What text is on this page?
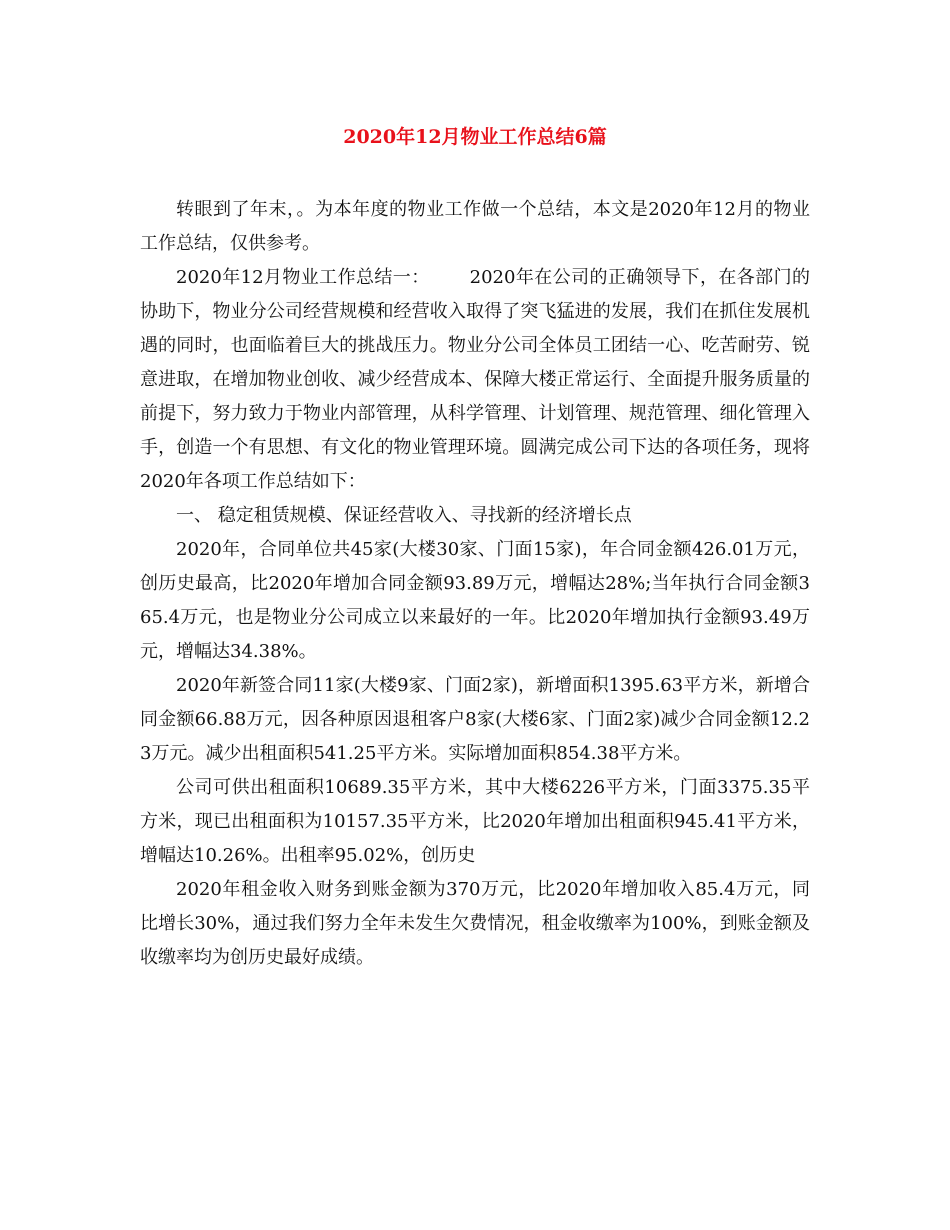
2020年12月物业工作总结6篇

转眼到了年末，。为本年度的物业工作做一个总结，本文是2020年12月的物业工作总结，仅供参考。

2020年12月物业工作总结一： 2020年在公司的正确领导下，在各部门的协助下，物业分公司经营规模和经营收入取得了突飞猛进的发展，我们在抓住发展机遇的同时，也面临着巨大的挑战压力。物业分公司全体员工团结一心、吃苦耐劳、锐意进取，在增加物业创收、减少经营成本、保障大楼正常运行、全面提升服务质量的前提下，努力致力于物业内部管理，从科学管理、计划管理、规范管理、细化管理入手，创造一个有思想、有文化的物业管理环境。圆满完成公司下达的各项任务，现将2020年各项工作总结如下：

一、 稳定租赁规模、保证经营收入、寻找新的经济增长点

2020年，合同单位共45家(大楼30家、门面15家)，年合同金额426.01万元，创历史最高，比2020年增加合同金额93.89万元，增幅达28%;当年执行合同金额365.4万元，也是物业分公司成立以来最好的一年。比2020年增加执行金额93.49万元，增幅达34.38%。

2020年新签合同11家(大楼9家、门面2家)，新增面积1395.63平方米，新增合同金额66.88万元，因各种原因退租客户8家(大楼6家、门面2家)减少合同金额12.23万元。减少出租面积541.25平方米。实际增加面积854.38平方米。

公司可供出租面积10689.35平方米，其中大楼6226平方米，门面3375.35平方米，现已出租面积为10157.35平方米，比2020年增加出租面积945.41平方米，增幅达10.26%。出租率95.02%，创历史

2020年租金收入财务到账金额为370万元，比2020年增加收入85.4万元，同比增长30%，通过我们努力全年未发生欠费情况，租金收缴率为100%，到账金额及收缴率均为创历史最好成绩。
